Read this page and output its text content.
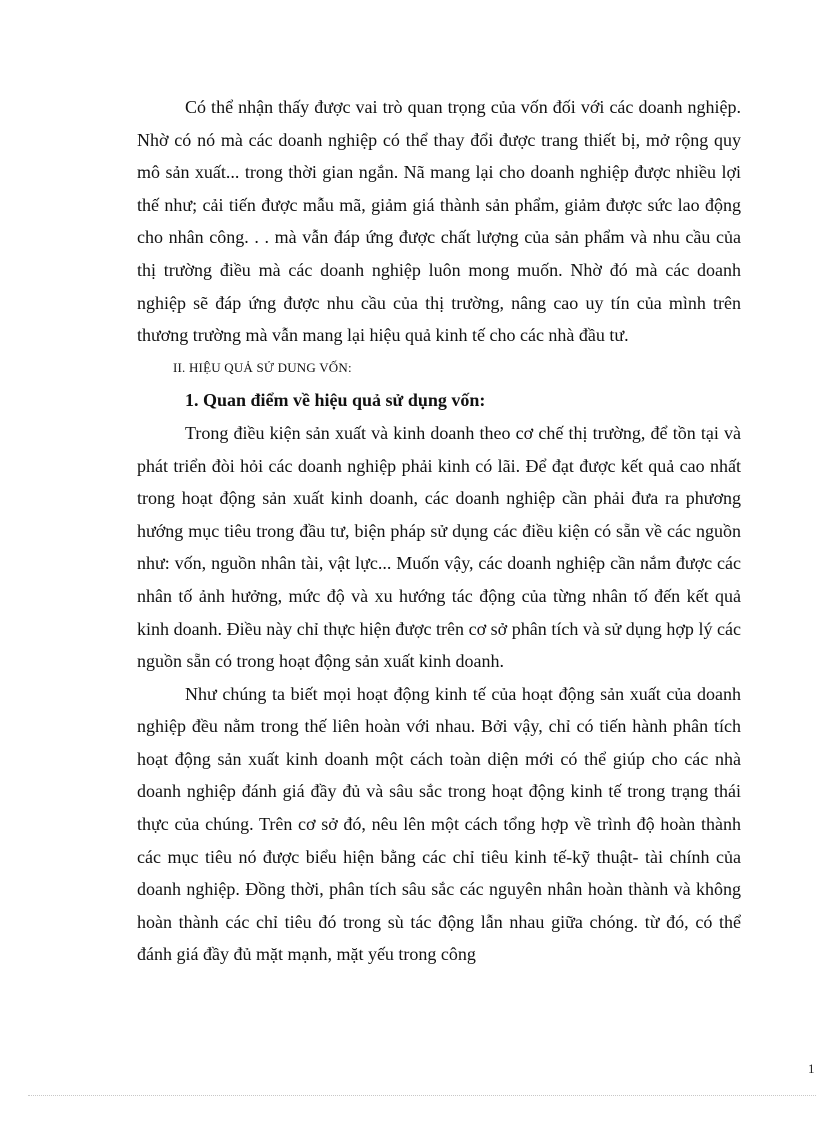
Có thể nhận thấy được vai trò quan trọng của vốn đối với các doanh nghiệp. Nhờ có nó mà các doanh nghiệp có thể thay đổi được trang thiết bị, mở rộng quy mô sản xuất... trong thời gian ngắn. Nã mang lại cho doanh nghiệp được nhiều lợi thế như; cải tiến được mẫu mã, giảm giá thành sản phẩm, giảm được sức lao động cho nhân công. . . mà vẫn đáp ứng được chất lượng của sản phẩm và nhu cầu của thị trường điều mà các doanh nghiệp luôn mong muốn. Nhờ đó mà các doanh nghiệp sẽ đáp ứng được nhu cầu của thị trường, nâng cao uy tín của mình trên thương trường mà vẫn mang lại hiệu quả kinh tế cho các nhà đầu tư.

II. HIỆU QUẢ SỬ DUNG VỐN:

1. Quan điểm về hiệu quả sử dụng vốn:

Trong điều kiện sản xuất và kinh doanh theo cơ chế thị trường, để tồn tại và phát triển đòi hỏi các doanh nghiệp phải kinh có lãi. Để đạt được kết quả cao nhất trong hoạt động sản xuất kinh doanh, các doanh nghiệp cần phải đưa ra phương hướng mục tiêu trong đầu tư, biện pháp sử dụng các điều kiện có sẵn về các nguồn như: vốn, nguồn nhân tài, vật lực... Muốn vậy, các doanh nghiệp cần nắm được các nhân tố ảnh hưởng, mức độ và xu hướng tác động của từng nhân tố đến kết quả kinh doanh. Điều này chỉ thực hiện được trên cơ sở phân tích và sử dụng hợp lý các nguồn sẵn có trong hoạt động sản xuất kinh doanh.

Như chúng ta biết mọi hoạt động kinh tế của hoạt động sản xuất của doanh nghiệp đều nằm trong thế liên hoàn với nhau. Bởi vậy, chỉ có tiến hành phân tích hoạt động sản xuất kinh doanh một cách toàn diện mới có thể giúp cho các nhà doanh nghiệp đánh giá đầy đủ và sâu sắc trong hoạt động kinh tế trong trạng thái thực của chúng. Trên cơ sở đó, nêu lên một cách tổng hợp về trình độ hoàn thành các mục tiêu nó được biểu hiện bằng các chỉ tiêu kinh tế-kỹ thuật- tài chính của doanh nghiệp. Đồng thời, phân tích sâu sắc các nguyên nhân hoàn thành và không hoàn thành các chỉ tiêu đó trong sù tác động lẫn nhau giữa chóng. từ đó, có thể đánh giá đầy đủ mặt mạnh, mặt yếu trong công

1
